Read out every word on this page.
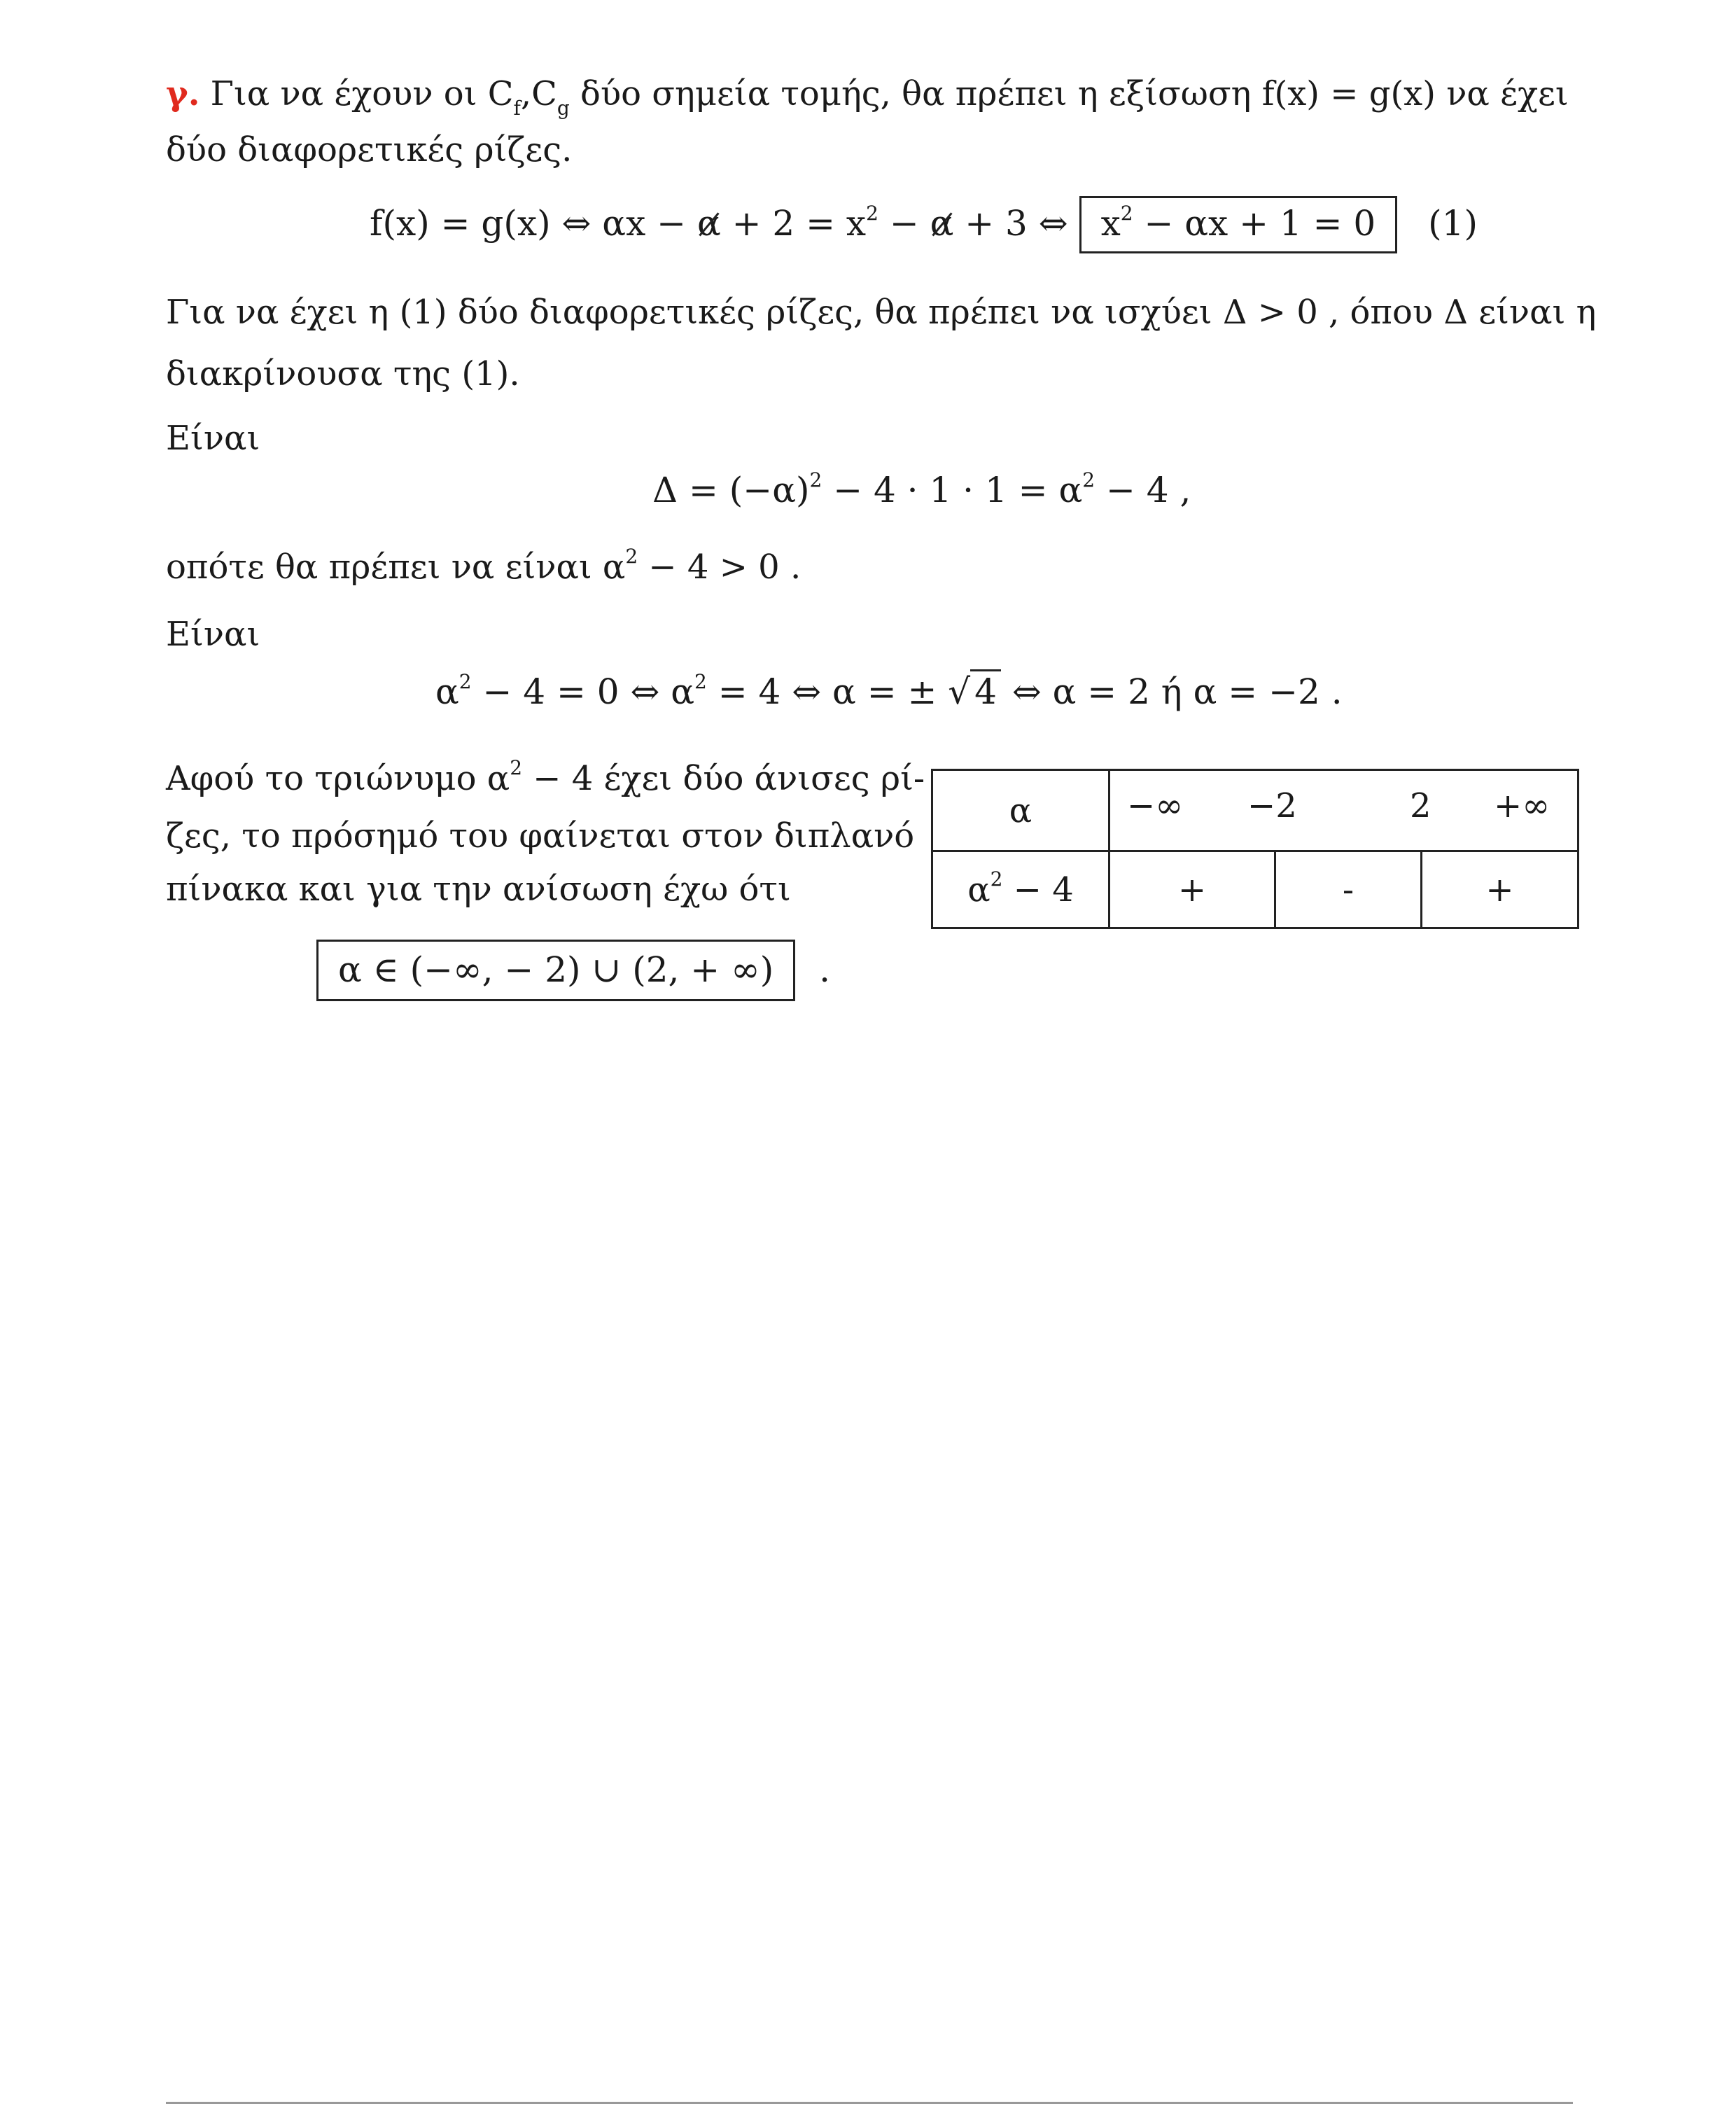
γ. Για να έχουν οι $C_f,C_g$ δύο σημεία τομής, θα πρέπει η εξίσωση f(x) = g(x) να έχει
δύο διαφορετικές ρίζες.
f(x) = g(x) ⇔ $\alpha x - \alpha + 2 = x^2 - \alpha + 3$ ⇔ $x^2 - \alpha x + 1 = 0$ (1)
Για να έχει η (1) δύο διαφορετικές ρίζες, θα πρέπει να ισχύει Δ > 0 , όπου Δ είναι η
διακρίνουσα της (1).
Είναι
$\Delta = (-\alpha)^2 - 4 \cdot 1 \cdot 1 = \alpha^2 - 4$ ,
οπότε θα πρέπει να είναι $\alpha^2 - 4 > 0$ .
Είναι
$\alpha^2 - 4 = 0$ ⇔ $\alpha^2 = 4$ ⇔ α = ± √ 4 ⇔ α = 2 ή α = −2 .
Αφού το τριώνυμο $\alpha^2 - 4$ έχει δύο άνισες ρί-
ζες, το πρόσημό του φαίνεται στον διπλανό
πίνακα και για την ανίσωση έχω ότι
α ∈ (−∞, − 2) ∪ (2, + ∞) .
α	−∞ −2 2 +∞		

$\alpha^2 - 4$	+	-	+
